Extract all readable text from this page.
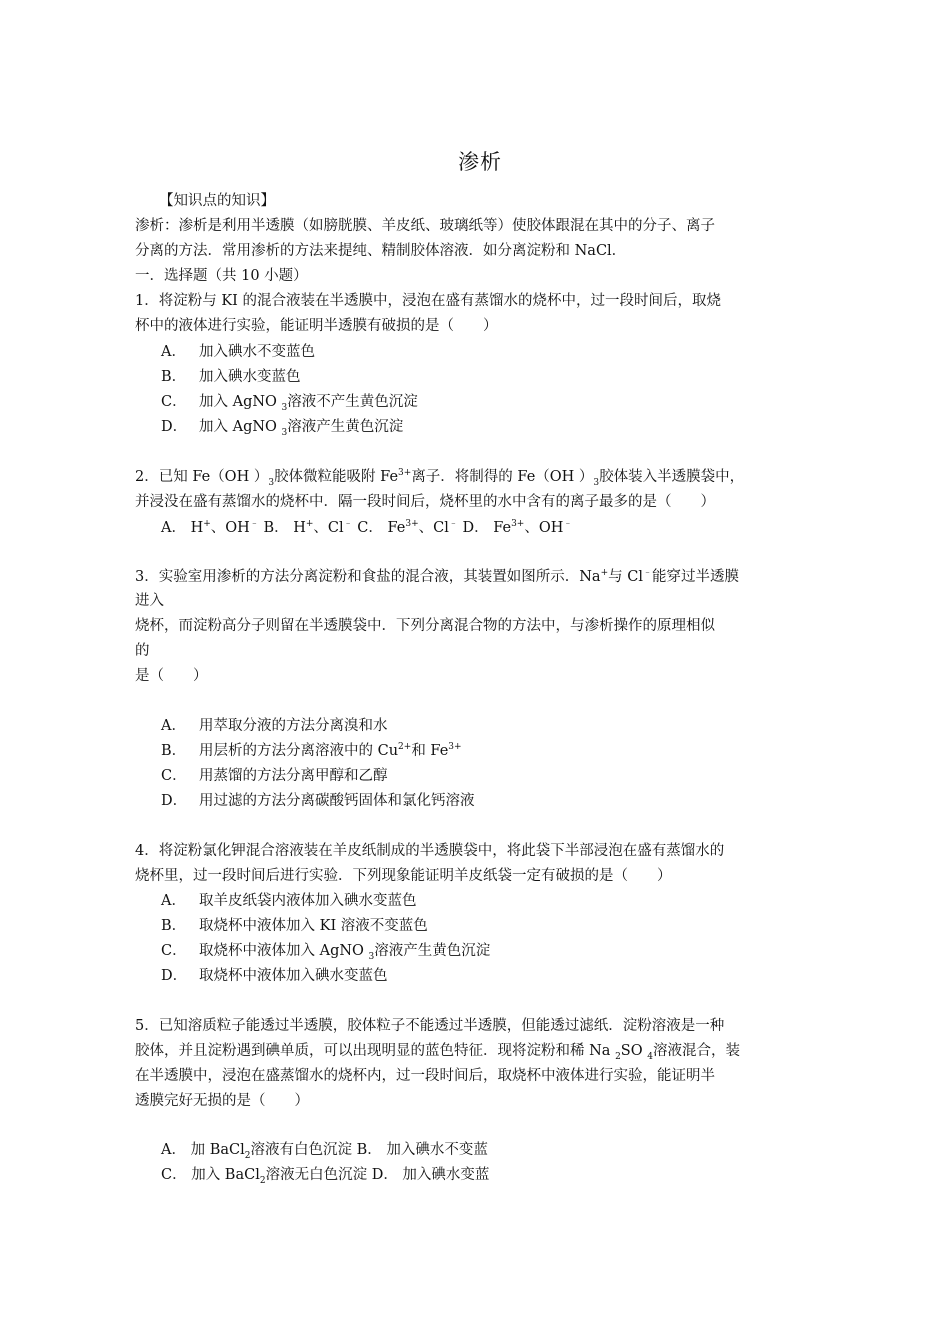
渗析
【知识点的知识】
渗析：渗析是利用半透膜（如膀胱膜、羊皮纸、玻璃纸等）使胶体跟混在其中的分子、离子
分离的方法．常用渗析的方法来提纯、精制胶体溶液．如分离淀粉和 NaCl．
一．选择题（共 10 小题）
1．将淀粉与 KI 的混合液装在半透膜中，浸泡在盛有蒸馏水的烧杯中，过一段时间后，取烧
杯中的液体进行实验，能证明半透膜有破损的是（　　）
A． 加入碘水不变蓝色
B． 加入碘水变蓝色
C． 加入 AgNO $_3$溶液不产生黄色沉淀
D． 加入 AgNO $_3$溶液产生黄色沉淀
2．已知 Fe（OH ）$_3$胶体微粒能吸附 $Fe^{3+}$离子．将制得的 Fe（OH ）$_3$胶体装入半透膜袋中，
并浸没在盛有蒸馏水的烧杯中．隔一段时间后，烧杯里的水中含有的离子最多的是（　　）
A． H+、OH﹣ B． H+、Cl﹣ C． $Fe^{3+}$、Cl﹣ D． $Fe^{3+}$、OH﹣
3．实验室用渗析的方法分离淀粉和食盐的混合液，其装置如图所示．Na+与 Cl﹣能穿过半透膜
进入
烧杯，而淀粉高分子则留在半透膜袋中．下列分离混合物的方法中，与渗析操作的原理相似
的
是（　　）
A． 用萃取分液的方法分离溴和水
B． 用层析的方法分离溶液中的 $Cu^{2+}$和 $Fe^{3+}$
C． 用蒸馏的方法分离甲醇和乙醇
D． 用过滤的方法分离碳酸钙固体和氯化钙溶液
4．将淀粉氯化钾混合溶液装在羊皮纸制成的半透膜袋中，将此袋下半部浸泡在盛有蒸馏水的
烧杯里，过一段时间后进行实验．下列现象能证明羊皮纸袋一定有破损的是（　　）
A． 取羊皮纸袋内液体加入碘水变蓝色
B． 取烧杯中液体加入 KI 溶液不变蓝色
C． 取烧杯中液体加入 AgNO $_3$溶液产生黄色沉淀
D． 取烧杯中液体加入碘水变蓝色
5．已知溶质粒子能透过半透膜，胶体粒子不能透过半透膜，但能透过滤纸．淀粉溶液是一种
胶体，并且淀粉遇到碘单质，可以出现明显的蓝色特征．现将淀粉和稀 Na $_2$SO $_4$溶液混合，装
在半透膜中，浸泡在盛蒸馏水的烧杯内，过一段时间后，取烧杯中液体进行实验，能证明半
透膜完好无损的是（　　）
A． 加 BaCl$_2$溶液有白色沉淀 B． 加入碘水不变蓝
C． 加入 BaCl$_2$溶液无白色沉淀 D． 加入碘水变蓝
